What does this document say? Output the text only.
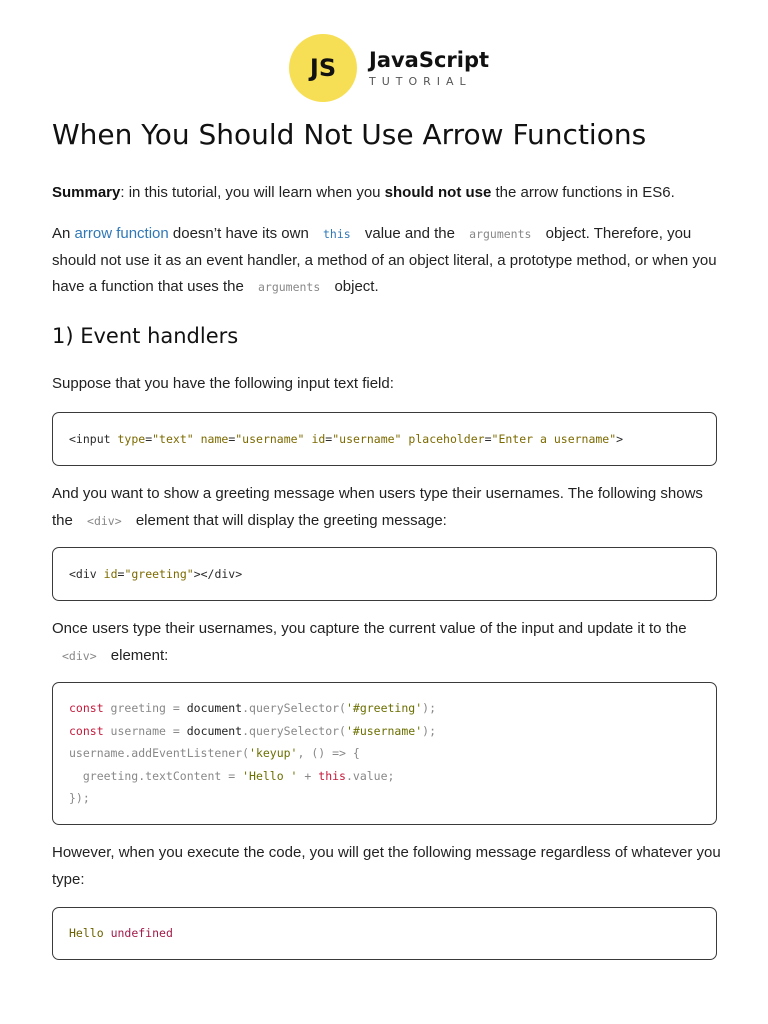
JS	JavaScript
TUTORIAL
When You Should Not Use Arrow Functions

Summary: in this tutorial, you will learn when you should not use the arrow functions in ES6.

An arrow function doesn’t have its own this value and the arguments object. Therefore, you should not use it as an event handler, a method of an object literal, a prototype method, or when you have a function that uses the arguments object.

1) Event handlers

Suppose that you have the following input text field:

<input type="text" name="username" id="username" placeholder="Enter a username">

And you want to show a greeting message when users type their usernames. The following shows the <div> element that will display the greeting message:

<div id="greeting"></div>

Once users type their usernames, you capture the current value of the input and update it to the <div> element:

const greeting = document.querySelector('#greeting');
const username = document.querySelector('#username');
username.addEventListener('keyup', () => {
greeting.textContent = 'Hello ' + this.value;
});

However, when you execute the code, you will get the following message regardless of whatever you type:

Hello undefined
